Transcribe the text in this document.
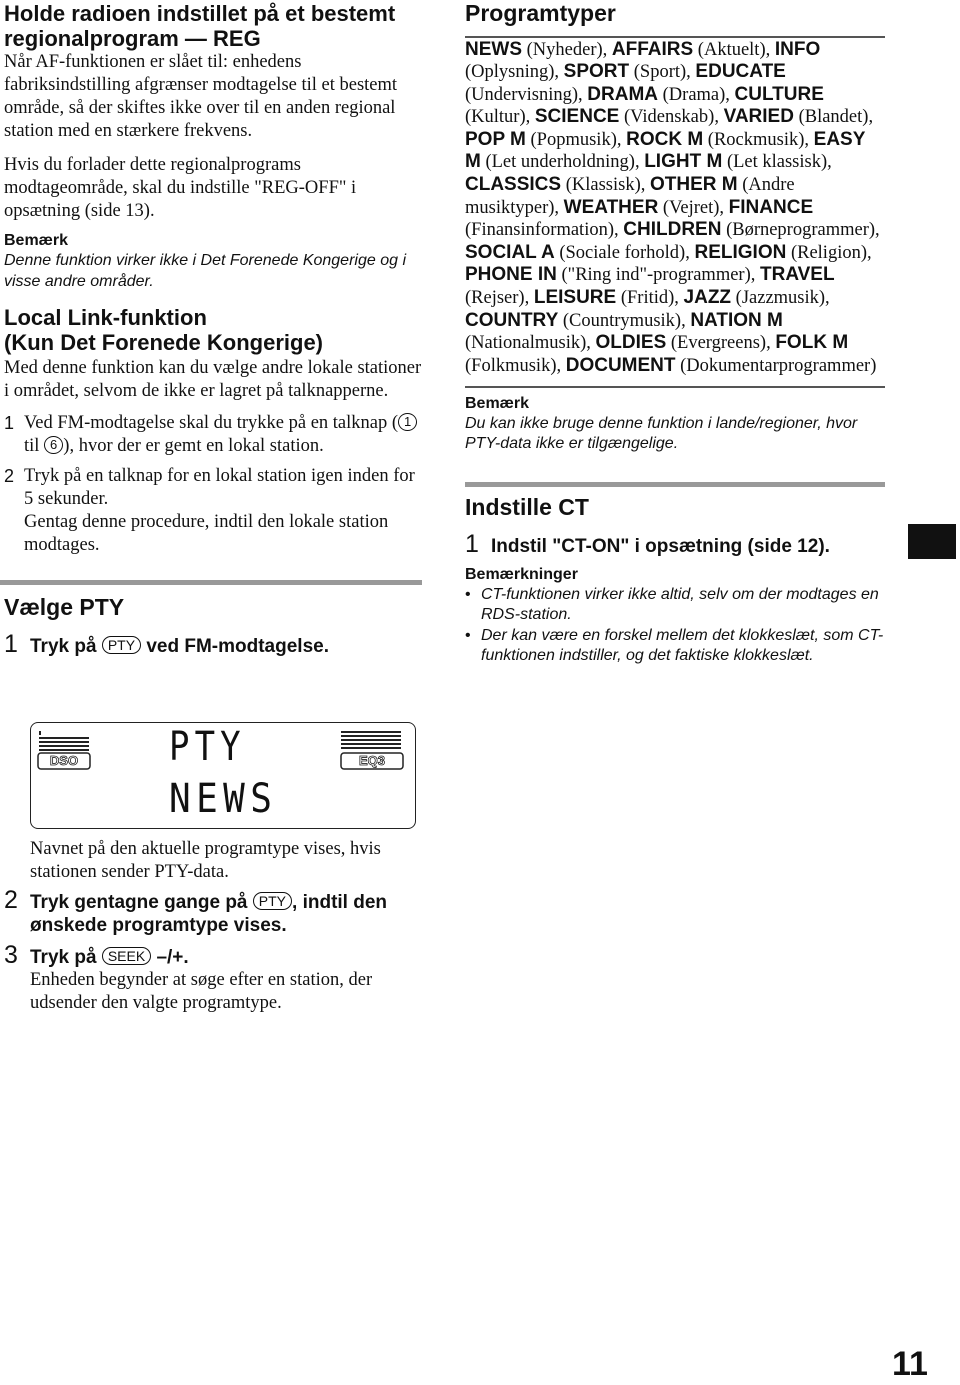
Holde radioen indstillet på et bestemt regionalprogram — REG

Når AF-funktionen er slået til: enhedens fabriksindstilling afgrænser modtagelse til et bestemt område, så der skiftes ikke over til en anden regional station med en stærkere frekvens.

Hvis du forlader dette regionalprograms modtageområde, skal du indstille "REG-OFF" i opsætning (side 13).

Bemærk
Denne funktion virker ikke i Det Forenede Kongerige og i visse andre områder.
Local Link-funktion
(Kun Det Forenede Kongerige)

Med denne funktion kan du vælge andre lokale stationer i området, selvom de ikke er lagret på talknapperne.

1 Ved FM-modtagelse skal du trykke på en talknap ( 1 til 6 ), hvor der er gemt en lokal station.
2 Tryk på en talknap for en lokal station igen inden for 5 sekunder.
Gentag denne procedure, indtil den lokale station modtages.
Vælge PTY
1 Tryk på PTY ved FM-modtagelse.
DSO	EQ3
PTY
NEWS

Navnet på den aktuelle programtype vises, hvis stationen sender PTY-data.

2 Tryk gentagne gange på PTY , indtil den ønskede programtype vises.
3 Tryk på SEEK –/+.

Enheden begynder at søge efter en station, der udsender den valgte programtype.

Programtyper
NEWS (Nyheder), AFFAIRS (Aktuelt), INFO (Oplysning), SPORT (Sport), EDUCATE (Undervisning), DRAMA (Drama), CULTURE (Kultur), SCIENCE (Videnskab), VARIED (Blandet), POP M (Popmusik), ROCK M (Rockmusik), EASY M (Let underholdning), LIGHT M (Let klassisk), CLASSICS (Klassisk), OTHER M (Andre musiktyper), WEATHER (Vejret), FINANCE (Finansinformation), CHILDREN (Børneprogrammer), SOCIAL A (Sociale forhold), RELIGION (Religion), PHONE IN ("Ring ind"-programmer), TRAVEL (Rejser), LEISURE (Fritid), JAZZ (Jazzmusik), COUNTRY (Countrymusik), NATION M (Nationalmusik), OLDIES (Evergreens), FOLK M (Folkmusik), DOCUMENT (Dokumentarprogrammer)
Bemærk
Du kan ikke bruge denne funktion i lande/regioner, hvor PTY-data ikke er tilgængelige.
Indstille CT
1 Indstil "CT-ON" i opsætning (side 12).
Bemærkninger
• CT-funktionen virker ikke altid, selv om der modtages en RDS-station.
• Der kan være en forskel mellem det klokkeslæt, som CT-funktionen indstiller, og det faktiske klokkeslæt.
11
